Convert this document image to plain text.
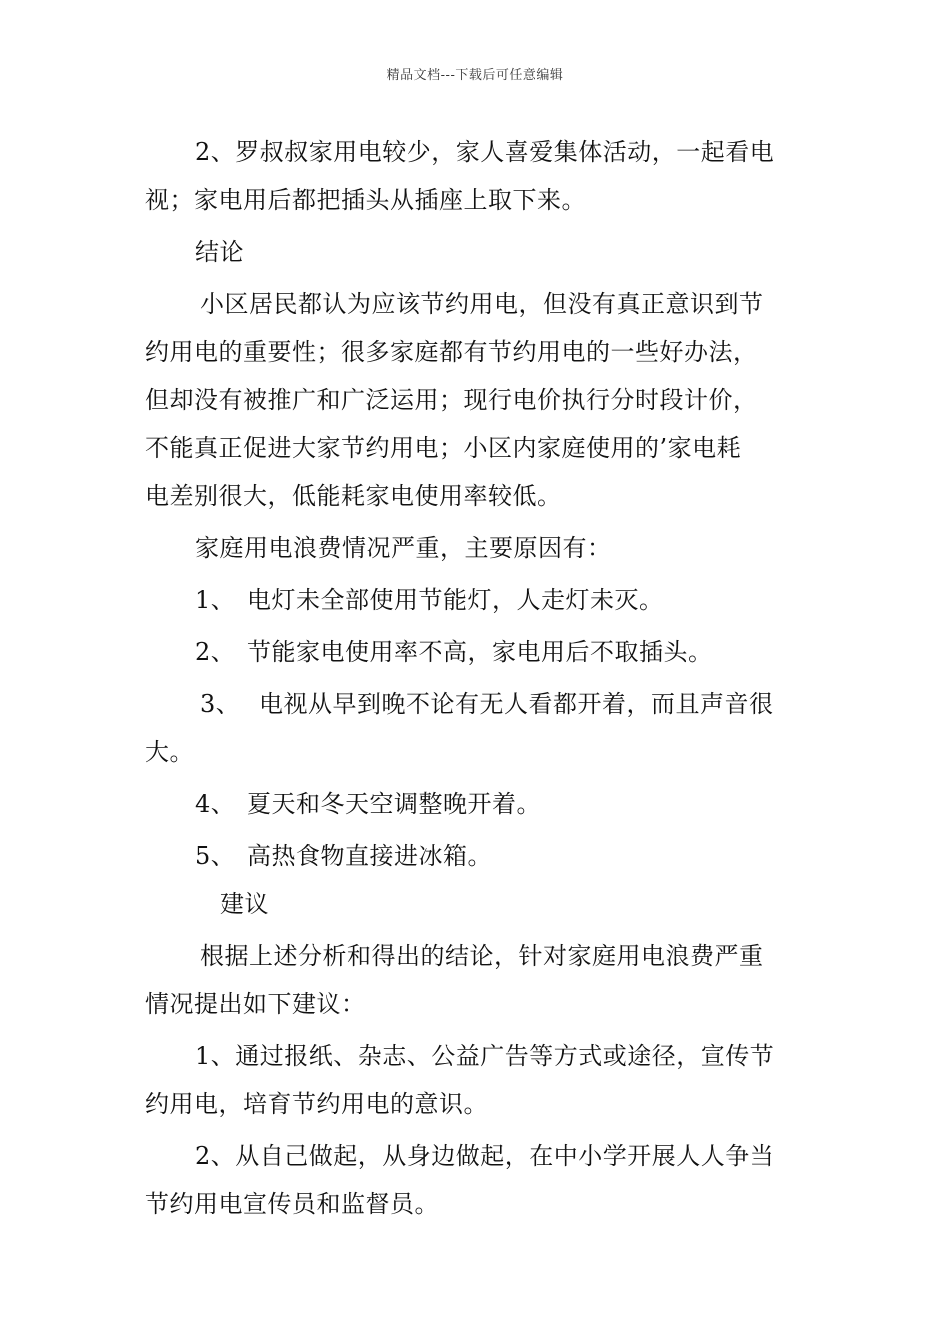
精品文档---下载后可任意编辑
2、罗叔叔家用电较少，家人喜爱集体活动，一起看电
视；家电用后都把插头从插座上取下来。
结论
小区居民都认为应该节约用电，但没有真正意识到节
约用电的重要性；很多家庭都有节约用电的一些好办法，
但却没有被推广和广泛运用；现行电价执行分时段计价，
不能真正促进大家节约用电；小区内家庭使用的’家电耗
电差别很大，低能耗家电使用率较低。
家庭用电浪费情况严重，主要原因有：
1、 电灯未全部使用节能灯，人走灯未灭。
2、 节能家电使用率不高，家电用后不取插头。
3、 电视从早到晚不论有无人看都开着，而且声音很
大。
4、 夏天和冬天空调整晚开着。
5、 高热食物直接进冰箱。
建议
根据上述分析和得出的结论，针对家庭用电浪费严重
情况提出如下建议：
1、通过报纸、杂志、公益广告等方式或途径，宣传节
约用电，培育节约用电的意识。
2、从自己做起，从身边做起，在中小学开展人人争当
节约用电宣传员和监督员。
